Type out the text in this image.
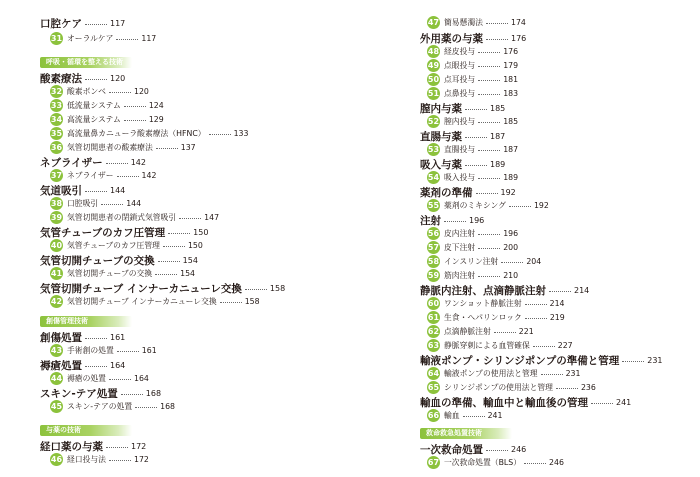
口腔ケア	117
31 オーラルケア	117
呼吸・循環を整える技術
酸素療法	120
32 酸素ボンベ	120
33 低流量システム	124
34 高流量システム	129
35 高流量鼻カニューラ酸素療法（HFNC）	133
36 気管切開患者の酸素療法	137
ネブライザー	142
37 ネブライザー	142
気道吸引	144
38 口腔吸引	144
39 気管切開患者の閉鎖式気管吸引	147
気管チューブのカフ圧管理	150
40 気管チューブのカフ圧管理	150
気管切開チューブの交換	154
41 気管切開チューブの交換	154
気管切開チューブ インナーカニューレ交換	158
42 気管切開チューブ インナーカニューレ交換	158
創傷管理技術
創傷処置	161
43 手術創の処置	161
褥瘡処置	164
44 褥瘡の処置	164
スキン-テア処置	168
45 スキン-テアの処置	168
与薬の技術
経口薬の与薬	172
46 経口投与法	172
47 簡易懸濁法	174
外用薬の与薬	176
48 経皮投与	176
49 点眼投与	179
50 点耳投与	181
51 点鼻投与	183
膣内与薬	185
52 膣内投与	185
直腸与薬	187
53 直腸投与	187
吸入与薬	189
54 吸入投与	189
薬剤の準備	192
55 薬剤のミキシング	192
注射	196
56 皮内注射	196
57 皮下注射	200
58 インスリン注射	204
59 筋肉注射	210
静脈内注射、点滴静脈注射	214
60 ワンショット静脈注射	214
61 生食・ヘパリンロック	219
62 点滴静脈注射	221
63 静脈穿刺による血管確保	227
輸液ポンプ・シリンジポンプの準備と管理	231
64 輸液ポンプの使用法と管理	231
65 シリンジポンプの使用法と管理	236
輸血の準備、輸血中と輸血後の管理	241
66 輸血	241
救命救急処置技術
一次救命処置	246
67 一次救命処置（BLS）	246
